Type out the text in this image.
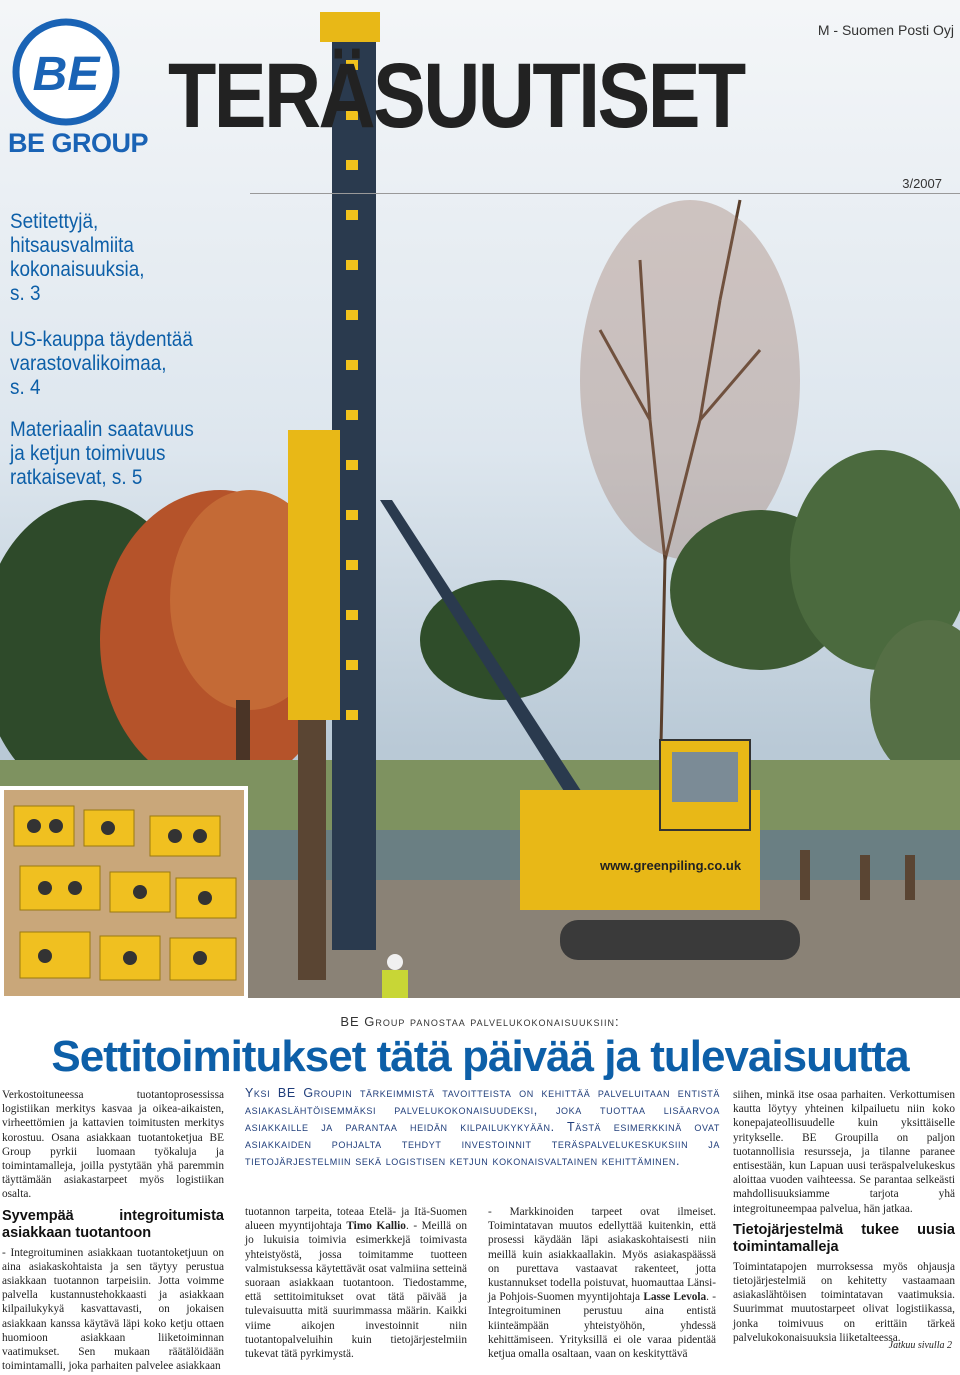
www.greenpiling.co.uk
BE
BE GROUP TERÄSUUTISET
M - Suomen Posti Oyj
3/2007
Setitettyjä,
hitsausvalmiita
kokonaisuuksia,
s. 3
US-kauppa täydentää
varastovalikoimaa,
s. 4
Materiaalin saatavuus
ja ketjun toimivuus
ratkaisevat, s. 5
BE Group panostaa palvelukokonaisuuksiin:
Settitoimitukset tätä päivää ja tulevaisuutta

Verkostoituneessa tuotantoprosessissa logistiikan merkitys kasvaa ja oikea-aikaisten, virheettömien ja kattavien toimitusten merkitys korostuu. Osana asiakkaan tuotantoketjua BE Group pyrkii luomaan työkaluja ja toimintamalleja, joilla pystytään yhä paremmin täyttämään asiakastarpeet myös logistiikan osalta.

Syvempää integroitumista asiakkaan tuotantoon

- Integroituminen asiakkaan tuotantoketjuun on aina asiakaskohtaista ja sen täytyy perustua asiakkaan tuotannon tarpeisiin. Jotta voimme palvella kustannustehokkaasti ja asiakkaan kilpailukykyä kasvattavasti, on jokaisen asiakkaan kanssa käytävä läpi koko ketju ottaen huomioon asiakkaan liiketoiminnan vaatimukset. Sen mukaan räätälöidään toimintamalli, joka parhaiten palvelee asiakkaan

Yksi BE Groupin tärkeimmistä tavoitteista on kehittää palveluitaan entistä asiakaslähtöisemmäksi palvelukokonaisuudeksi, joka tuottaa lisäarvoa asiakkaille ja parantaa heidän kilpailukykyään. Tästä esimerkkinä ovat asiakkaiden pohjalta tehdyt investoinnit teräspalvelukeskuksiin ja tietojärjestelmiin sekä logistisen ketjun kokonaisvaltainen kehittäminen.

tuotannon tarpeita, toteaa Etelä- ja Itä-Suomen alueen myyntijohtaja Timo Kallio. - Meillä on jo lukuisia toimivia esimerkkejä toimivasta yhteistyöstä, jossa toimitamme tuotteen valmistuksessa käytettävät osat valmiina setteinä suoraan asiakkaan tuotantoon. Tiedostamme, että settitoimitukset ovat tätä päivää ja tulevaisuutta mitä suurimmassa määrin. Kaikki viime aikojen investoinnit niin tuotantopalveluihin kuin tietojärjestelmiin tukevat tätä pyrkimystä.

- Markkinoiden tarpeet ovat ilmeiset. Toimintatavan muutos edellyttää kuitenkin, että prosessi käydään läpi asiakaskohtaisesti niin meillä kuin asiakkaallakin. Myös asiakaspäässä on purettava vastaavat rakenteet, jotta kustannukset todella poistuvat, huomauttaa Länsi- ja Pohjois-Suomen myyntijohtaja Lasse Levola. - Integroituminen perustuu aina entistä kiinteämpään yhteistyöhön, yhdessä kehittämiseen. Yrityksillä ei ole varaa pidentää ketjua omalla osaltaan, vaan on keskityttävä

siihen, minkä itse osaa parhaiten. Verkottumisen kautta löytyy yhteinen kilpailuetu niin koko konepajateollisuudelle kuin yksittäiselle yritykselle. BE Groupilla on paljon tuotannollisia resursseja, ja tilanne paranee entisestään, kun Lapuan uusi teräspalvelukeskus aloittaa vuoden vaihteessa. Se parantaa selkeästi mahdollisuuksiamme tarjota yhä integroituneempaa palvelua, hän jatkaa.

Tietojärjestelmä tukee uusia toimintamalleja

Toimintatapojen murroksessa myös ohjausja tietojärjestelmiä on kehitetty vastaamaan asiakaslähtöisen toimintatavan vaatimuksia. Suurimmat muutostarpeet olivat logistiikassa, jonka toimivuus on erittäin tärkeä palvelukokonaisuuksia liiketalteessa.

Jatkuu sivulla 2
